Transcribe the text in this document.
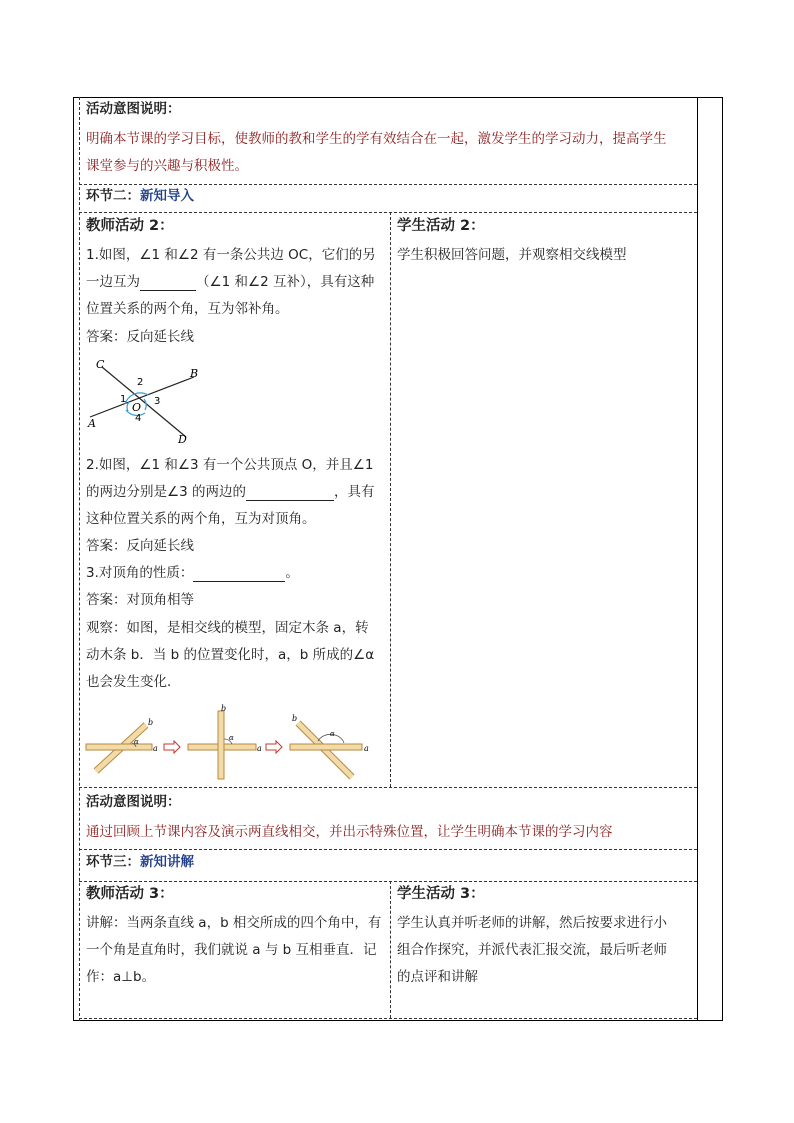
活动意图说明：
明确本节课的学习目标，使教师的教和学生的学有效结合在一起，激发学生的学习动力，提高学生
课堂参与的兴趣与积极性。
环节二：新知导入
教师活动 2：
1.如图，∠1 和∠2 有一条公共边 OC，它们的另
一边互为	（∠1 和∠2 互补），具有这种
位置关系的两个角，互为邻补角。
答案：反向延长线
C
B
A
D
O
1
2
3
4
2.如图，∠1 和∠3 有一个公共顶点 O，并且∠1
的两边分别是∠3 的两边的	，具有
这种位置关系的两个角，互为对顶角。
答案：反向延长线
3.对顶角的性质：	。
答案：对顶角相等
观察：如图，是相交线的模型，固定木条 a，转
动木条 b．当 b 的位置变化时，a，b 所成的∠α
也会发生变化．
b
a
α
b
a
α
b
a
α
学生活动 2：
学生积极回答问题，并观察相交线模型
活动意图说明：
通过回顾上节课内容及演示两直线相交，并出示特殊位置，让学生明确本节课的学习内容
环节三：新知讲解
教师活动 3：
讲解：当两条直线 a，b 相交所成的四个角中，有
一个角是直角时，我们就说 a 与 b 互相垂直．记
作：a⊥b。
学生活动 3：
学生认真并听老师的讲解，然后按要求进行小
组合作探究，并派代表汇报交流，最后听老师
的点评和讲解
